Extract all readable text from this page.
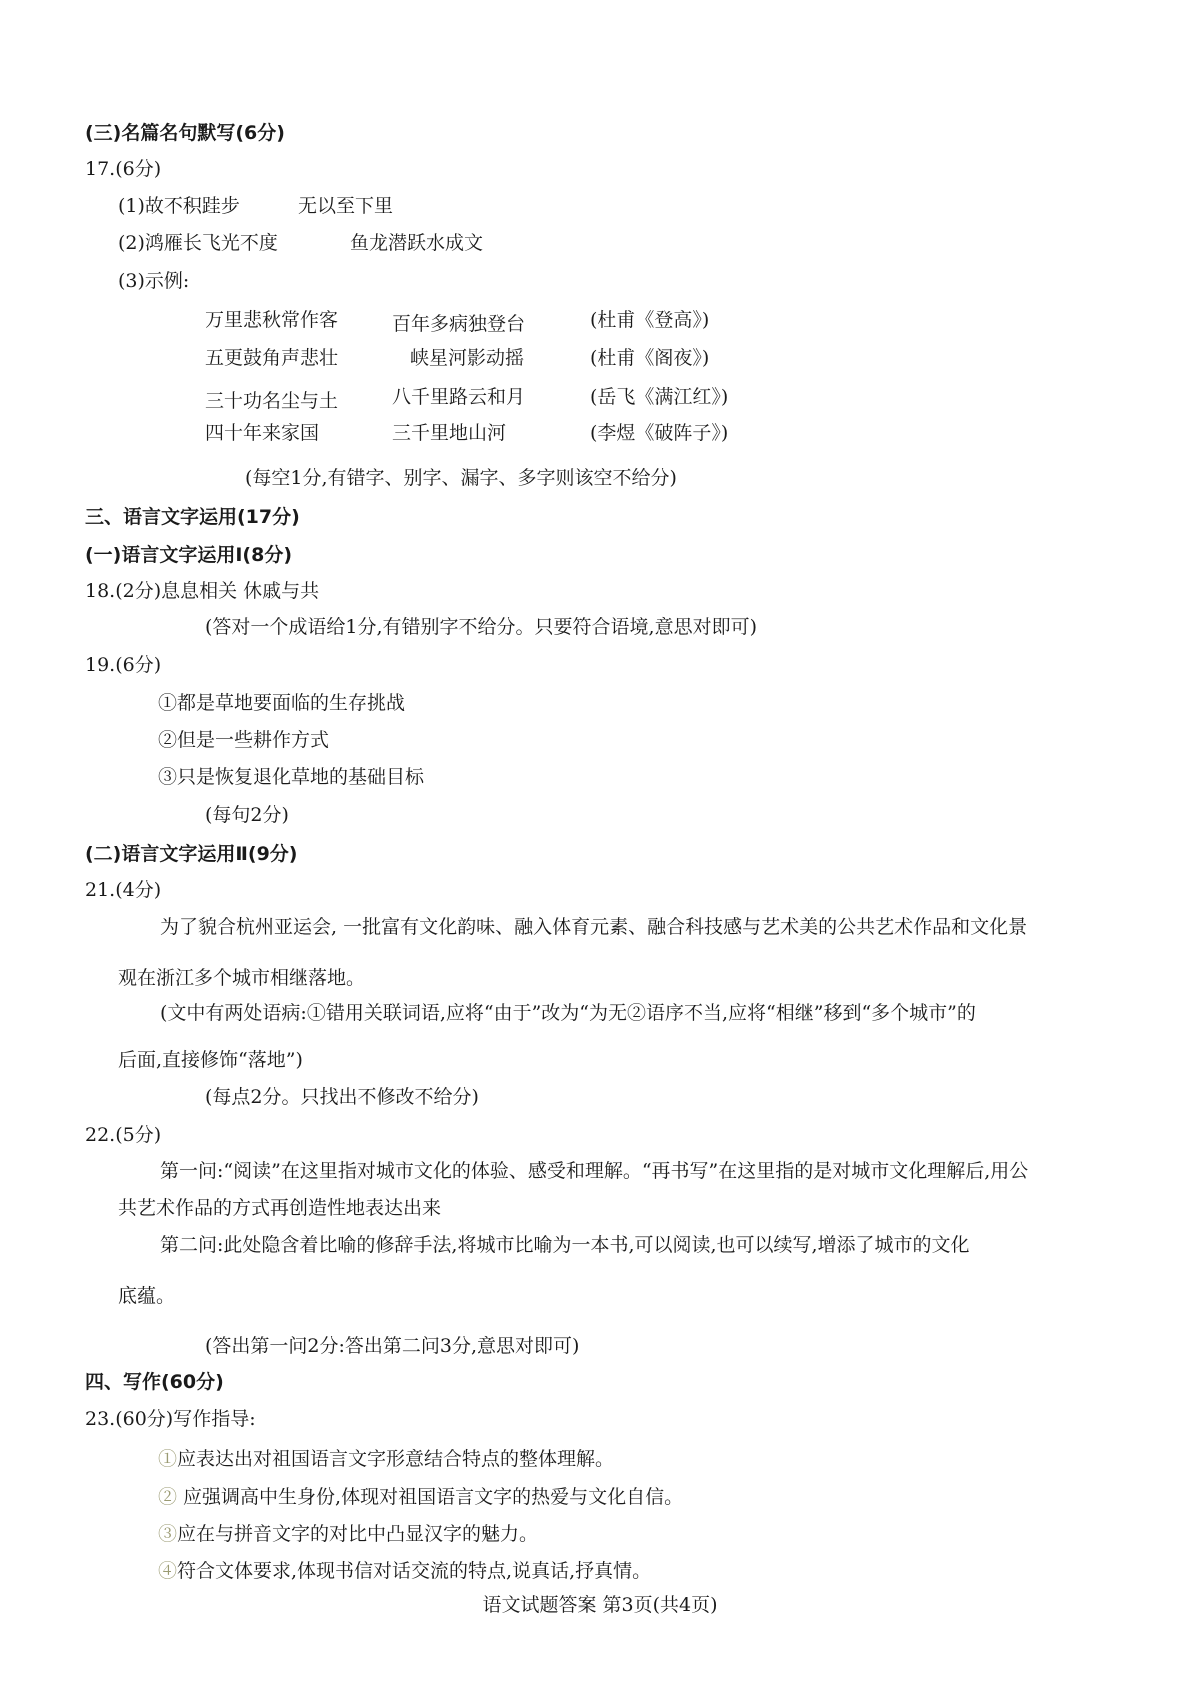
(三)名篇名句默写(6分)
17.(6分)
(1)故不积跬步	无以至下里
(2)鸿雁长飞光不度	鱼龙潜跃水成文
(3)示例:
万里悲秋常作客	百年多病独登台	(杜甫《登高》)
五更鼓角声悲壮	峡星河影动摇	(杜甫《阁夜》)
三十功名尘与土	八千里路云和月	(岳飞《满江红》)
四十年来家国	三千里地山河	(李煜《破阵子》)
(每空1分,有错字、别字、漏字、多字则该空不给分)
三、语言文字运用(17分)
(一)语言文字运用Ⅰ(8分)
18.(2分)息息相关 休戚与共
(答对一个成语给1分,有错别字不给分。只要符合语境,意思对即可)
19.(6分)
①都是草地要面临的生存挑战
②但是一些耕作方式
③只是恢复退化草地的基础目标
(每句2分)
(二)语言文字运用Ⅱ(9分)
21.(4分)
为了貌合杭州亚运会, 一批富有文化韵味、融入体育元素、融合科技感与艺术美的公共艺术作品和文化景
观在浙江多个城市相继落地。
(文中有两处语病:①错用关联词语,应将“由于”改为“为无②语序不当,应将“相继”移到“多个城市”的
后面,直接修饰“落地”)
(每点2分。只找出不修改不给分)
22.(5分)
第一问:“阅读”在这里指对城市文化的体验、感受和理解。“再书写”在这里指的是对城市文化理解后,用公
共艺术作品的方式再创造性地表达出来
第二问:此处隐含着比喻的修辞手法,将城市比喻为一本书,可以阅读,也可以续写,增添了城市的文化
底蕴。
(答出第一问2分:答出第二问3分,意思对即可)
四、写作(60分)
23.(60分)写作指导:
①应表达出对祖国语言文字形意结合特点的整体理解。
② 应强调高中生身份,体现对祖国语言文字的热爱与文化自信。
③应在与拼音文字的对比中凸显汉字的魅力。
④符合文体要求,体现书信对话交流的特点,说真话,抒真情。
语文试题答案 第3页(共4页)
